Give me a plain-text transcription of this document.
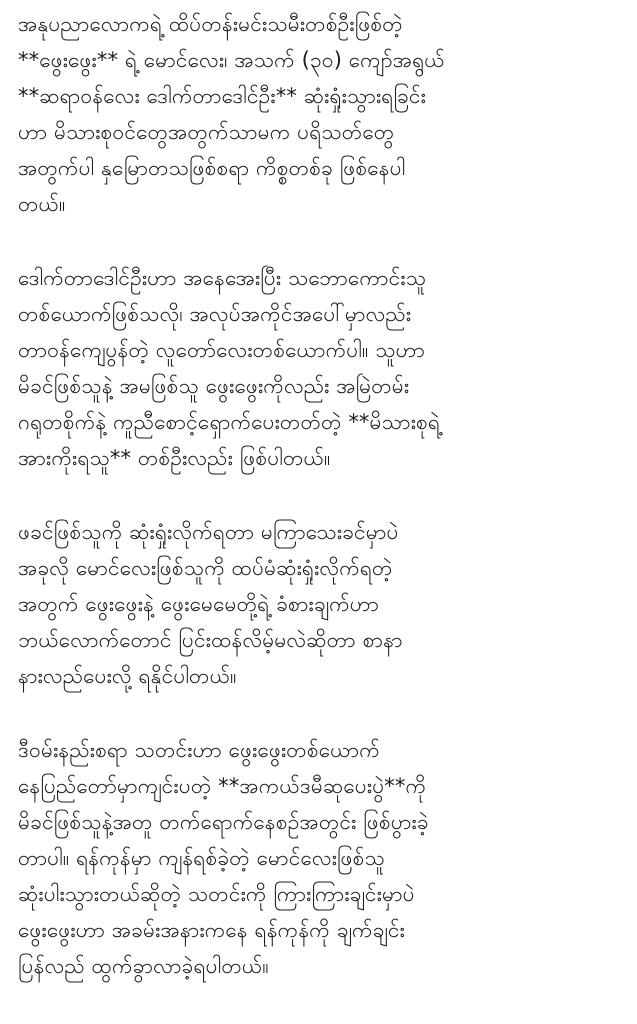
အနုပညာလောကရဲ့ ထိပ်တန်းမင်းသမီးတစ်ဦးဖြစ်တဲ့
**ဖွေးဖွေး** ရဲ့ မောင်လေး၊ အသက် (၃၀) ကျော်အရွယ်
**ဆရာဝန်လေး ဒေါက်တာဒေါင်ဦး** ဆုံးရှုံးသွားရခြင်း
ဟာ မိသားစုဝင်တွေအတွက်သာမက ပရိသတ်တွေ
အတွက်ပါ နှမြောတသဖြစ်စရာ ကိစ္စတစ်ခု ဖြစ်နေပါ
တယ်။
ဒေါက်တာဒေါင်ဦးဟာ အနေအေးပြီး သဘောကောင်းသူ
တစ်ယောက်ဖြစ်သလို၊ အလုပ်အကိုင်အပေါ်မှာလည်း
တာဝန်ကျေပွန်တဲ့ လူတော်လေးတစ်ယောက်ပါ။ သူဟာ
မိခင်ဖြစ်သူနဲ့ အမဖြစ်သူ ဖွေးဖွေးကိုလည်း အမြဲတမ်း
ဂရုတစိုက်နဲ့ ကူညီစောင့်ရှောက်ပေးတတ်တဲ့ **မိသားစုရဲ့
အားကိုးရသူ** တစ်ဦးလည်း ဖြစ်ပါတယ်။
ဖခင်ဖြစ်သူကို ဆုံးရှုံးလိုက်ရတာ မကြာသေးခင်မှာပဲ
အခုလို မောင်လေးဖြစ်သူကို ထပ်မံဆုံးရှုံးလိုက်ရတဲ့
အတွက် ဖွေးဖွေးနဲ့ ဖွေးမေမေတို့ရဲ့ ခံစားချက်ဟာ
ဘယ်လောက်တောင် ပြင်းထန်လိမ့်မလဲဆိုတာ စာနာ
နားလည်ပေးလို့ ရနိုင်ပါတယ်။
ဒီဝမ်းနည်းစရာ သတင်းဟာ ဖွေးဖွေးတစ်ယောက်
နေပြည်တော်မှာကျင်းပတဲ့ **အကယ်ဒမီဆုပေးပွဲ**ကို
မိခင်ဖြစ်သူနဲ့အတူ တက်ရောက်နေစဉ်အတွင်း ဖြစ်ပွားခဲ့
တာပါ။ ရန်ကုန်မှာ ကျန်ရစ်ခဲ့တဲ့ မောင်လေးဖြစ်သူ
ဆုံးပါးသွားတယ်ဆိုတဲ့ သတင်းကို ကြားကြားချင်းမှာပဲ
ဖွေးဖွေးဟာ အခမ်းအနားကနေ ရန်ကုန်ကို ချက်ချင်း
ပြန်လည် ထွက်ခွာလာခဲ့ရပါတယ်။
